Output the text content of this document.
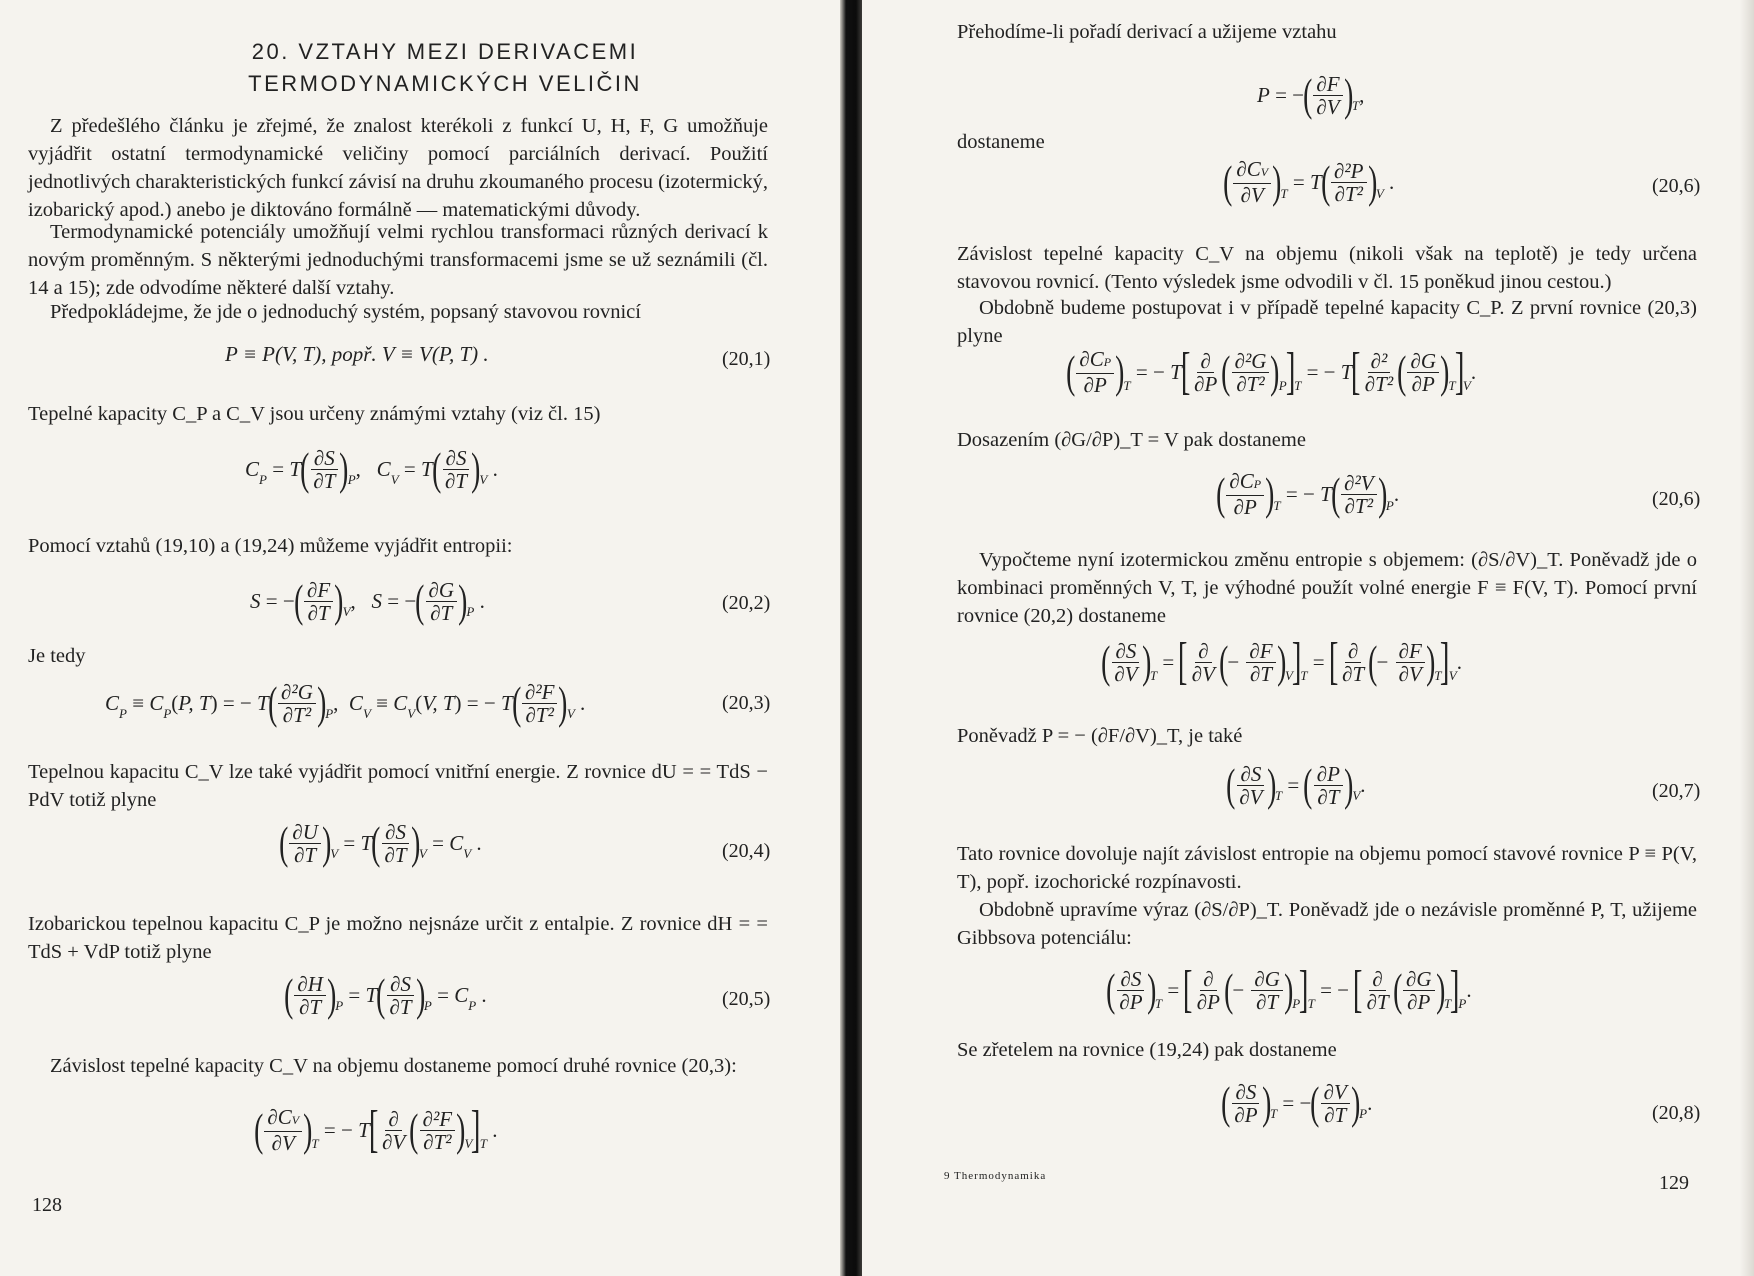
20. VZTAHY MEZI DERIVACEMI
TERMODYNAMICKÝCH VELIČIN
Z předešlého článku je zřejmé, že znalost kterékoli z funkcí U, H, F, G umožňuje vyjádřit ostatní termodynamické veličiny pomocí parciálních derivací. Použití jednotlivých charakteristických funkcí závisí na druhu zkoumaného procesu (izotermický, izobarický apod.) anebo je diktováno formálně — matematickými důvody.
Termodynamické potenciály umožňují velmi rychlou transformaci různých derivací k novým proměnným. S některými jednoduchými transformacemi jsme se už seznámili (čl. 14 a 15); zde odvodíme některé další vztahy.
Předpokládejme, že jde o jednoduchý systém, popsaný stavovou rovnicí
P ≡ P(V, T), popř. V ≡ V(P, T) .	(20,1)
Tepelné kapacity C_P a C_V jsou určeny známými vztahy (viz čl. 15)
C P
= T ( $\frac{\partial S}{\partial T}$ ) P , C V
= T ( $\frac{\partial S}{\partial T}$ ) V .
Pomocí vztahů (19,10) a (19,24) můžeme vyjádřit entropii:
S = − ( $\frac{\partial F}{\partial T}$ ) V , S = − ( $\frac{\partial G}{\partial T}$ ) P .	(20,2)
Je tedy
C P
≡ C P ( P, T ) = − T ( $\frac{\text{∂²G}}{\text{∂T²}}$ ) P , C V
≡ C V ( V, T ) = − T ( $\frac{\text{∂²F}}{\text{∂T²}}$ ) V .	(20,3)
Tepelnou kapacitu C_V lze také vyjádřit pomocí vnitřní energie. Z rovnice dU = = TdS − PdV totiž plyne
( $\frac{\partial U}{\partial T}$ ) V = T ( $\frac{\partial S}{\partial T}$ ) V = C V .	(20,4)
Izobarickou tepelnou kapacitu C_P je možno nejsnáze určit z entalpie. Z rovnice dH = = TdS + VdP totiž plyne
( $\frac{\partial H}{\partial T}$ ) P = T ( $\frac{\partial S}{\partial T}$ ) P = C P .	(20,5)
Závislost tepelné kapacity C_V na objemu dostaneme pomocí druhé rovnice (20,3):
( $\frac{\partial CV}{\partial V}$ ) T
= − T
[ $\frac{\partial}{\partial V}$ ( $\frac{\text{∂²F}}{\text{∂T²}}$ ) V
]
T
.
128
Přehodíme-li pořadí derivací a užijeme vztahu
P = − ( $\frac{\partial F}{\partial V}$ ) T ,
dostaneme
( $\frac{\partial CV}{\partial V}$ ) T = T ( $\frac{\text{∂²P}}{\text{∂T²}}$ ) V .	(20,6)
Závislost tepelné kapacity C_V na objemu (nikoli však na teplotě) je tedy určena stavovou rovnicí. (Tento výsledek jsme odvodili v čl. 15 poněkud jinou cestou.)
Obdobně budeme postupovat i v případě tepelné kapacity C_P. Z první rovnice (20,3) plyne
( $\frac{\partial CP}{\partial P}$ ) T
= − T
[ $\frac{\partial}{\partial P}$ ( $\frac{\text{∂²G}}{\text{∂T²}}$ ) P
]
T
= − T
[ $\frac{\text{∂²}}{\text{∂T²}}$ ( $\frac{\partial G}{\partial P}$ ) T
]
V
.
Dosazením (∂G/∂P)_T = V pak dostaneme
( $\frac{\partial CP}{\partial P}$ ) T = − T ( $\frac{\text{∂²V}}{\text{∂T²}}$ ) P .	(20,6)
Vypočteme nyní izotermickou změnu entropie s objemem: (∂S/∂V)_T. Poněvadž jde o kombinaci proměnných V, T, je výhodné použít volné energie F ≡ F(V, T). Pomocí první rovnice (20,2) dostaneme
( $\frac{\partial S}{\partial V}$ ) T
=
[ $\frac{\partial}{\partial V}$ ( −
$\frac{\partial F}{\partial T}$ ) V
]
T
=
[ $\frac{\partial}{\partial T}$ ( −
$\frac{\partial F}{\partial V}$ ) T
]
V
.
Poněvadž P = − (∂F/∂V)_T, je také
( $\frac{\partial S}{\partial V}$ ) T = ( $\frac{\partial P}{\partial T}$ ) V .	(20,7)
Tato rovnice dovoluje najít závislost entropie na objemu pomocí stavové rovnice P ≡ P(V, T), popř. izochorické rozpínavosti.
Obdobně upravíme výraz (∂S/∂P)_T. Poněvadž jde o nezávisle proměnné P, T, užijeme Gibbsova potenciálu:
( $\frac{\partial S}{\partial P}$ ) T
=
[ $\frac{\partial}{\partial P}$ ( −
$\frac{\partial G}{\partial T}$ ) P
]
T
= −
[ $\frac{\partial}{\partial T}$ ( $\frac{\partial G}{\partial P}$ ) T
]
P
.
Se zřetelem na rovnice (19,24) pak dostaneme
( $\frac{\partial S}{\partial P}$ ) T = − ( $\frac{\partial V}{\partial T}$ ) P .	(20,8)
9 Thermodynamika	129
